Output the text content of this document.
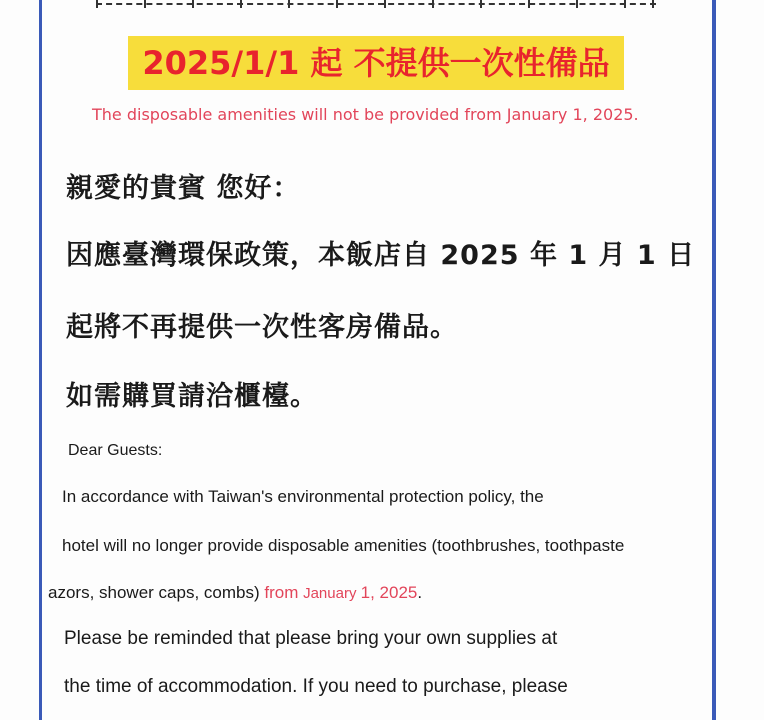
2025/1/1 起 不提供一次性備品
The disposable amenities will not be provided from January 1, 2025.
親愛的貴賓 您好：
因應臺灣環保政策，本飯店自 2025 年 1 月 1 日
起將不再提供一次性客房備品。
如需購買請洽櫃檯。
Dear Guests:
In accordance with Taiwan's environmental protection policy, the
hotel will no longer provide disposable amenities (toothbrushes, toothpaste
azors, shower caps, combs) from January 1, 2025.
Please be reminded that please bring your own supplies at
the time of accommodation. If you need to purchase, please
